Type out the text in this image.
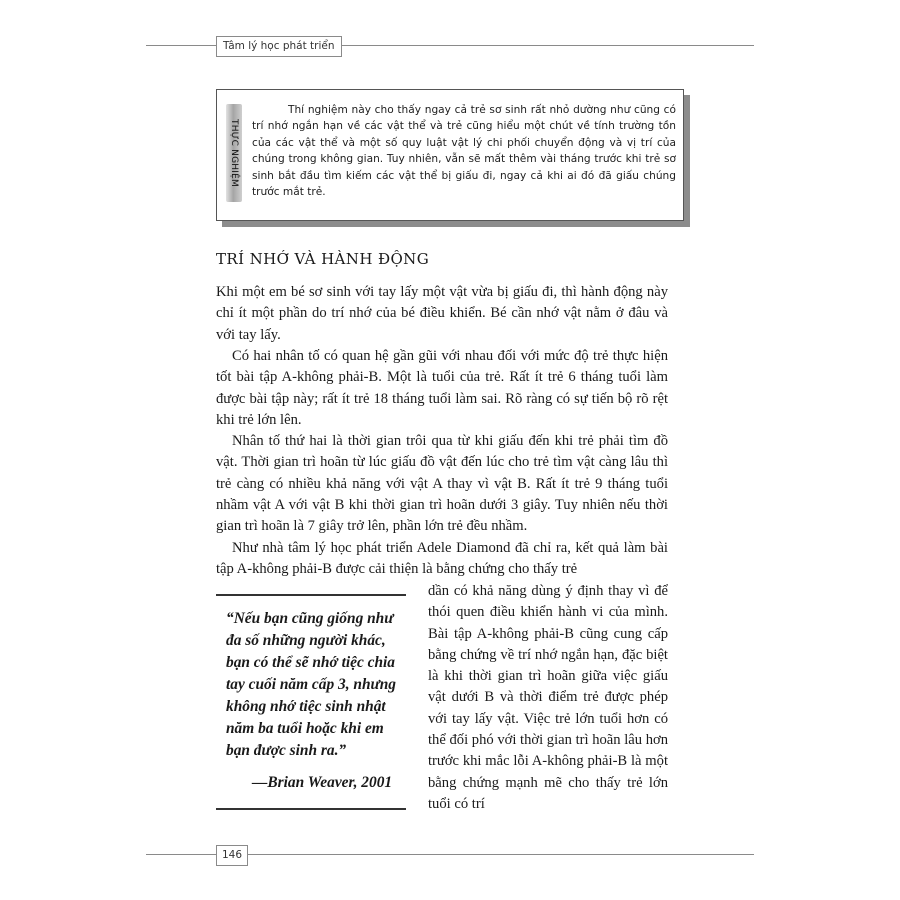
Tâm lý học phát triển
THỰC NGHIỆM

Thí nghiệm này cho thấy ngay cả trẻ sơ sinh rất nhỏ dường như cũng có trí nhớ ngắn hạn về các vật thể và trẻ cũng hiểu một chút về tính trường tồn của các vật thể và một số quy luật vật lý chi phối chuyển động và vị trí của chúng trong không gian. Tuy nhiên, vẫn sẽ mất thêm vài tháng trước khi trẻ sơ sinh bắt đầu tìm kiếm các vật thể bị giấu đi, ngay cả khi ai đó đã giấu chúng trước mắt trẻ.

TRÍ NHỚ VÀ HÀNH ĐỘNG

Khi một em bé sơ sinh với tay lấy một vật vừa bị giấu đi, thì hành động này chỉ ít một phần do trí nhớ của bé điều khiển. Bé cần nhớ vật nằm ở đâu và với tay lấy.

Có hai nhân tố có quan hệ gần gũi với nhau đối với mức độ trẻ thực hiện tốt bài tập A-không phải-B. Một là tuổi của trẻ. Rất ít trẻ 6 tháng tuổi làm được bài tập này; rất ít trẻ 18 tháng tuổi làm sai. Rõ ràng có sự tiến bộ rõ rệt khi trẻ lớn lên.

Nhân tố thứ hai là thời gian trôi qua từ khi giấu đến khi trẻ phải tìm đồ vật. Thời gian trì hoãn từ lúc giấu đồ vật đến lúc cho trẻ tìm vật càng lâu thì trẻ càng có nhiều khả năng với vật A thay vì vật B. Rất ít trẻ 9 tháng tuổi nhầm vật A với vật B khi thời gian trì hoãn dưới 3 giây. Tuy nhiên nếu thời gian trì hoãn là 7 giây trở lên, phần lớn trẻ đều nhầm.

Như nhà tâm lý học phát triển Adele Diamond đã chỉ ra, kết quả làm bài tập A-không phải-B được cải thiện là bằng chứng cho thấy trẻ

dần có khả năng dùng ý định thay vì để thói quen điều khiển hành vi của mình. Bài tập A-không phải-B cũng cung cấp bằng chứng về trí nhớ ngắn hạn, đặc biệt là khi thời gian trì hoãn giữa việc giấu vật dưới B và thời điểm trẻ được phép với tay lấy vật. Việc trẻ lớn tuổi hơn có thể đối phó với thời gian trì hoãn lâu hơn trước khi mắc lỗi A-không phải-B là một bằng chứng mạnh mẽ cho thấy trẻ lớn tuổi có trí

“Nếu bạn cũng giống như đa số những người khác, bạn có thể sẽ nhớ tiệc chia tay cuối năm cấp 3, nhưng không nhớ tiệc sinh nhật năm ba tuổi hoặc khi em bạn được sinh ra.”

—Brian Weaver, 2001

146
